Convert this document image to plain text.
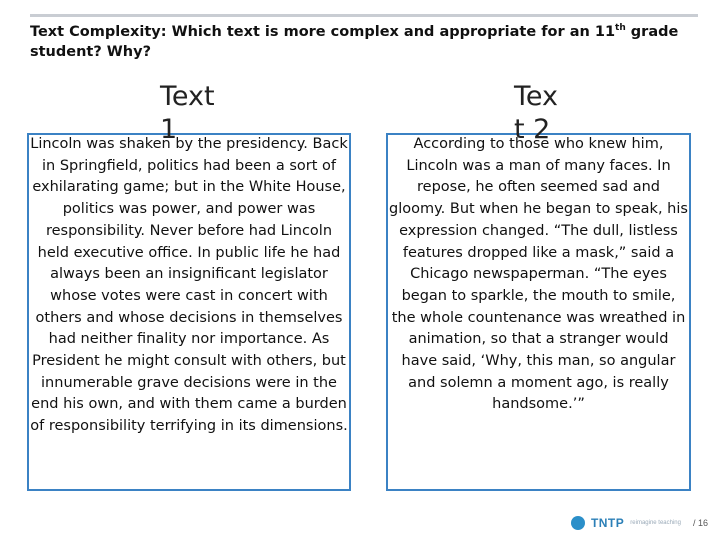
Text Complexity: Which text is more complex and appropriate for an 11th grade student? Why?
Lincoln was shaken by the presidency. Back in Springfield, politics had been a sort of exhilarating game; but in the White House, politics was power, and power was responsibility. Never before had Lincoln held executive office. In public life he had always been an insignificant legislator whose votes were cast in concert with others and whose decisions in themselves had neither finality nor importance. As President he might consult with others, but innumerable grave decisions were in the end his own, and with them came a burden of responsibility terrifying in its dimensions.
According to those who knew him, Lincoln was a man of many faces. In repose, he often seemed sad and gloomy. But when he began to speak, his expression changed. “The dull, listless features dropped like a mask,” said a Chicago newspaperman. “The eyes began to sparkle, the mouth to smile, the whole countenance was wreathed in animation, so that a stranger would have said, ‘Why, this man, so angular and solemn a moment ago, is really handsome.’”
Text 1
Text 2
TNTP reimagine teaching / 16
